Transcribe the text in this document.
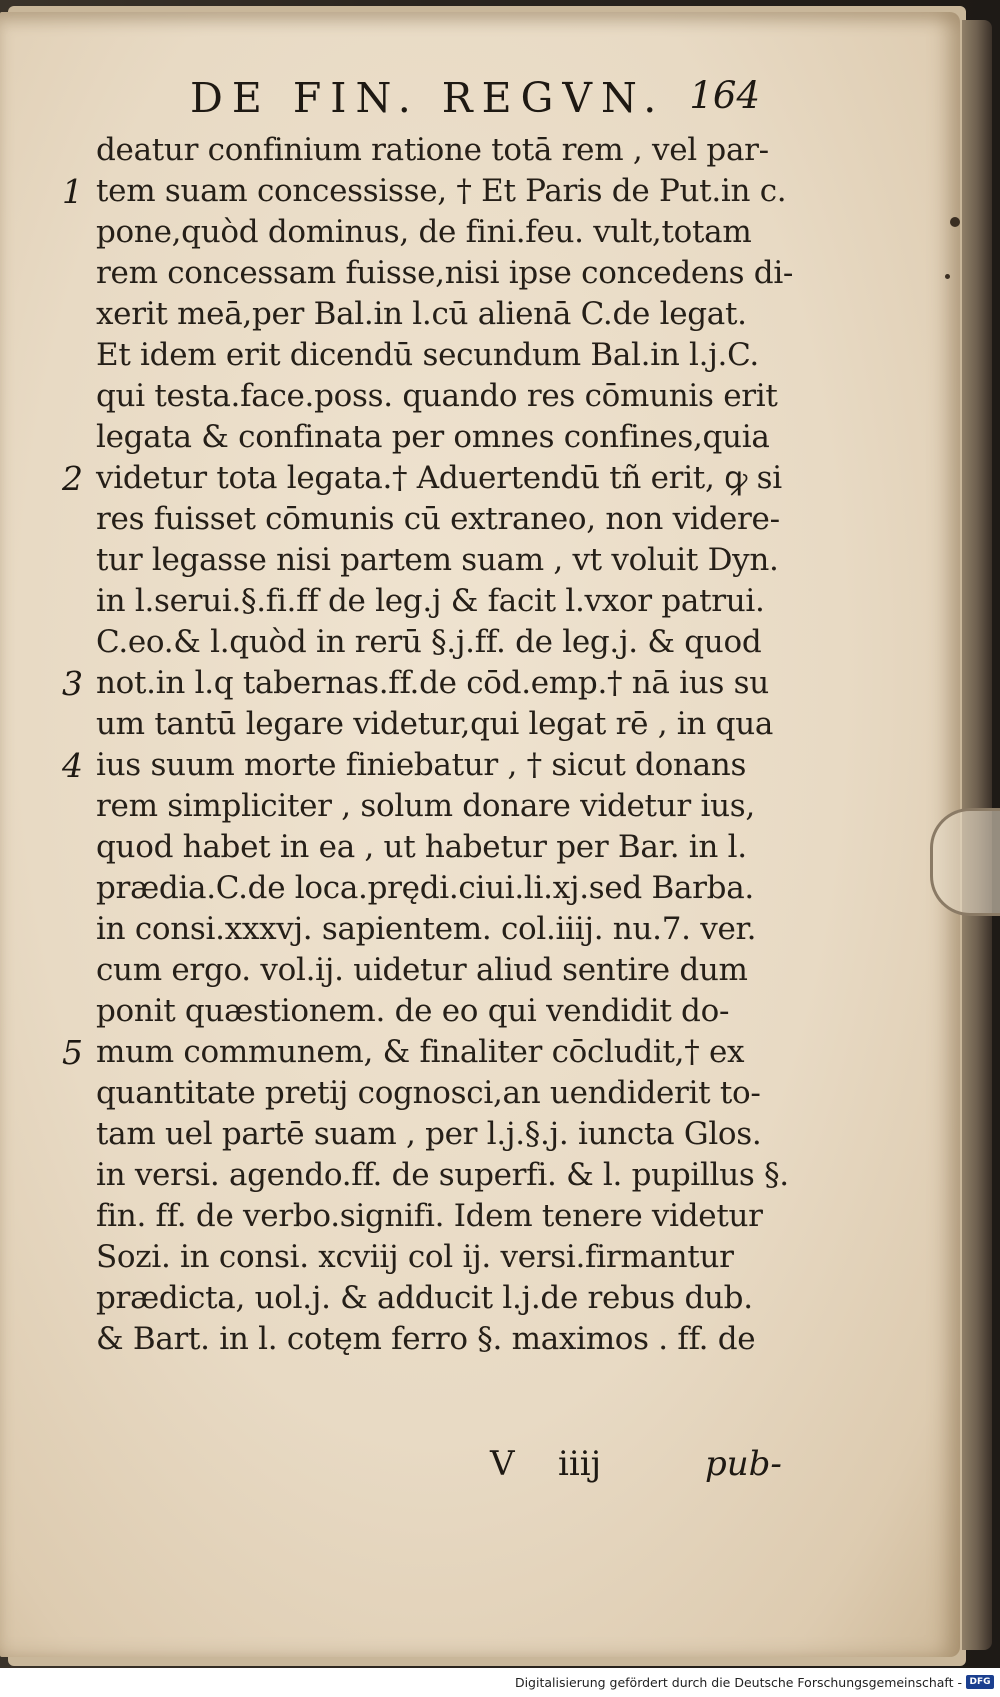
DE FIN. REGVN. 164
deatur confinium ratione totā rem , vel par-
1 tem suam concessisse, † Et Paris de Put.in c.
pone,quòd dominus, de fini.feu. vult,totam
rem concessam fuisse,nisi ipse concedens di-
xerit meā,per Bal.in l.cū alienā C.de legat.
Et idem erit dicendū secundum Bal.in l.j.C.
qui testa.face.poss. quando res cōmunis erit
legata & confinata per omnes confines,quia
2 videtur tota legata.† Aduertendū tñ erit, ꝙ si
res fuisset cōmunis cū extraneo, non videre-
tur legasse nisi partem suam , vt voluit Dyn.
in l.serui.§.fi.ff de leg.j & facit l.vxor patrui.
C.eo.& l.quòd in rerū §.j.ff. de leg.j. & quod
3 not.in l.q tabernas.ff.de cōd.emp.† nā ius su
um tantū legare videtur,qui legat rē , in qua
4 ius suum morte finiebatur , † sicut donans
rem simpliciter , solum donare videtur ius,
quod habet in ea , ut habetur per Bar. in l.
prædia.C.de loca.prędi.ciui.li.xj.sed Barba.
in consi.xxxvj. sapientem. col.iiij. nu.7. ver.
cum ergo. vol.ij. uidetur aliud sentire dum
ponit quæstionem. de eo qui vendidit do-
5 mum communem, & finaliter cōcludit,† ex
quantitate pretij cognosci,an uendiderit to-
tam uel partē suam , per l.j.§.j. iuncta Glos.
in versi. agendo.ff. de superfi. & l. pupillus §.
fin. ff. de verbo.signifi. Idem tenere videtur
Sozi. in consi. xcviij col ij. versi.firmantur
prædicta, uol.j. & adducit l.j.de rebus dub.
& Bart. in l. cotęm ferro §. maximos . ff. de
V iiij	pub-
Digitalisierung gefördert durch die Deutsche Forschungsgemeinschaft - DFG
